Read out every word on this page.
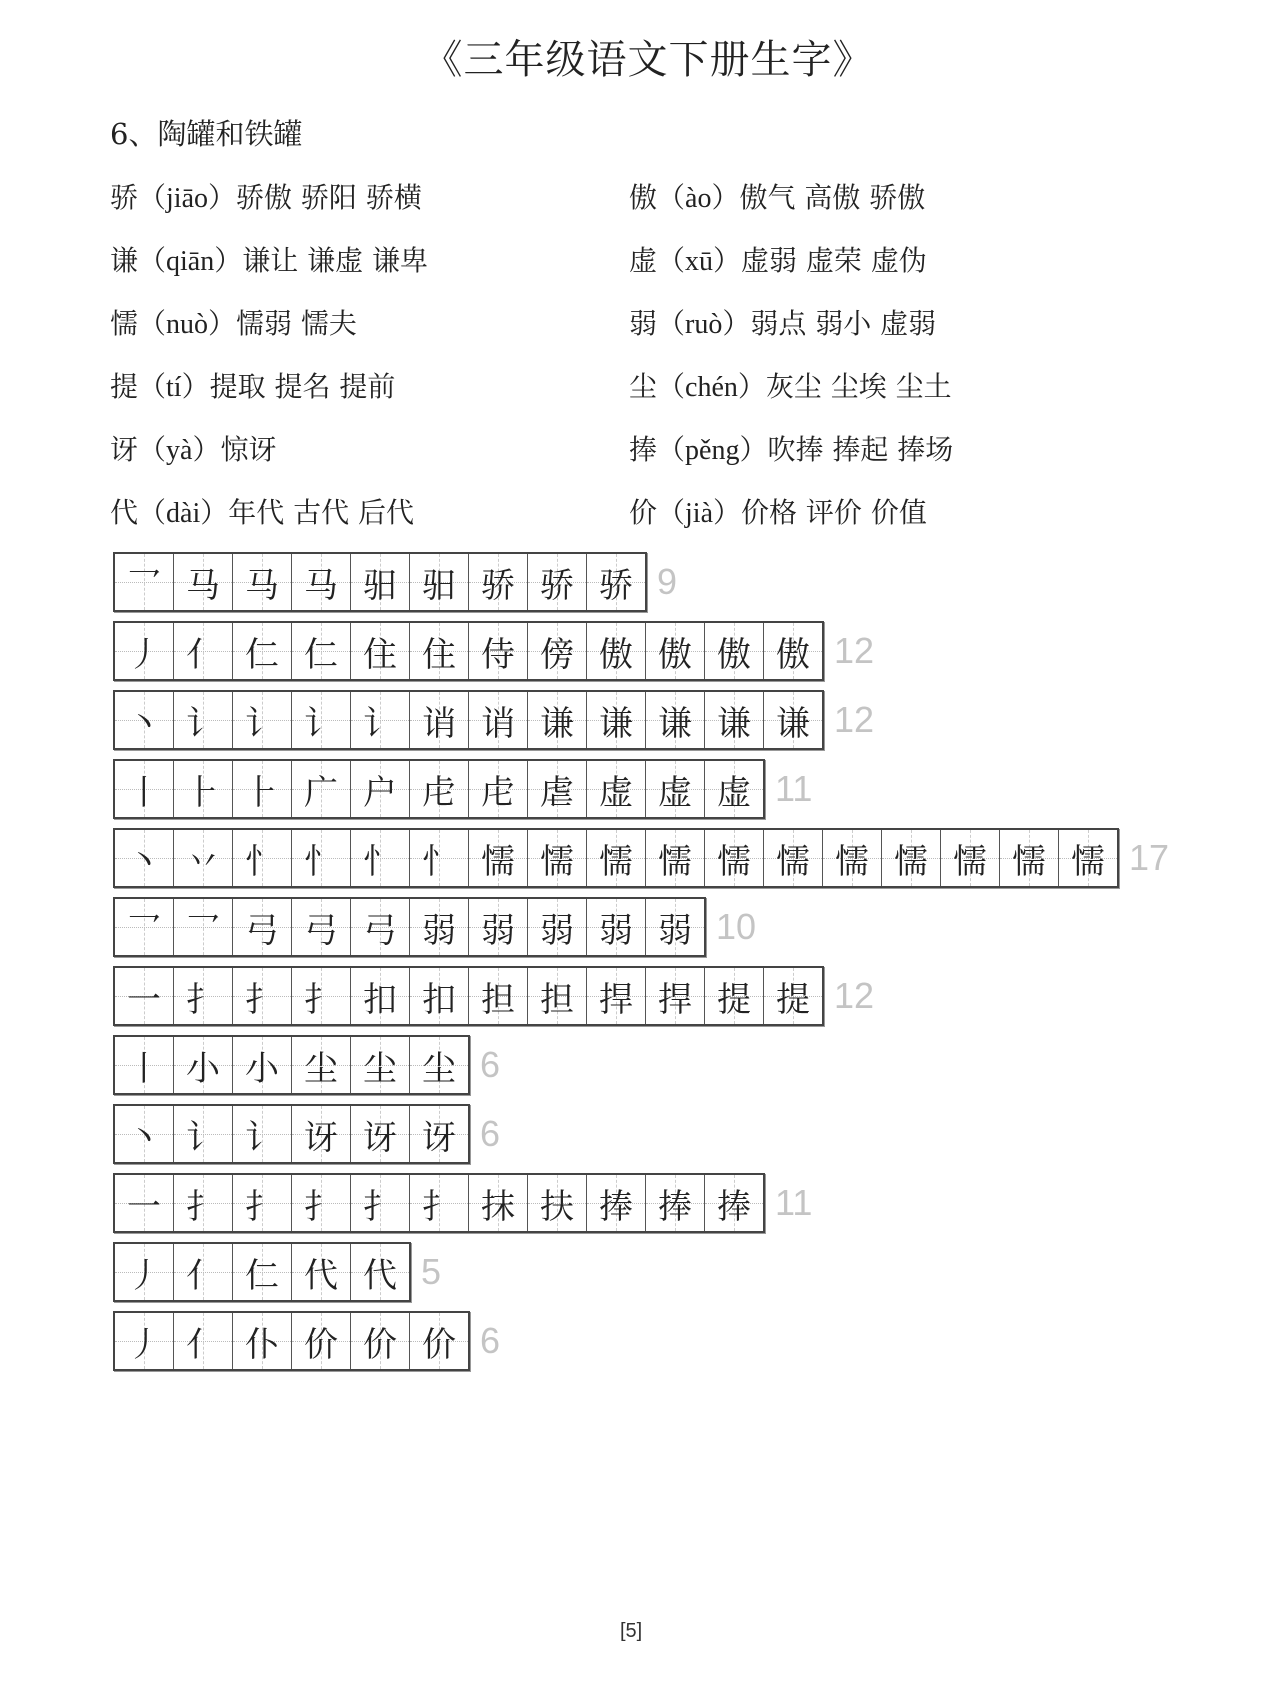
《三年级语文下册生字》
6、陶罐和铁罐
骄（jiāo）骄傲 骄阳 骄横	傲（ào）傲气 高傲 骄傲
谦（qiān）谦让 谦虚 谦卑	虚（xū）虚弱 虚荣 虚伪
懦（nuò）懦弱 懦夫	弱（ruò）弱点 弱小 虚弱
提（tí）提取 提名 提前	尘（chén）灰尘 尘埃 尘土
讶（yà）惊讶	捧（pěng）吹捧 捧起 捧场
代（dài）年代 古代 后代	价（jià）价格 评价 价值
乛 马 马 马 驲 驲 骄 骄 骄 9
丿 亻 仁 仁 住 住 侍 傍 傲 傲 傲 傲 12
丶 讠 讠 讠 讠 诮 诮 谦 谦 谦 谦 谦 12
丨 ⺊ ⺊ 广 户 虍 虍 虐 虚 虚 虚 11
丶 丷 忄 忄 忄 忄 懦 懦 懦 懦 懦 懦 懦 懦 懦 懦 懦 17
乛 乛 弓 弓 弓 弱 弱 弱 弱 弱 10
一 扌 扌 扌 扣 扣 担 担 捍 捍 提 提 12
丨 小 小 尘 尘 尘 6
丶 讠 讠 讶 讶 讶 6
一 扌 扌 扌 扌 扌 抹 扶 捧 捧 捧 11
丿 亻 仁 代 代 5
丿 亻 仆 价 价 价 6
[5]
